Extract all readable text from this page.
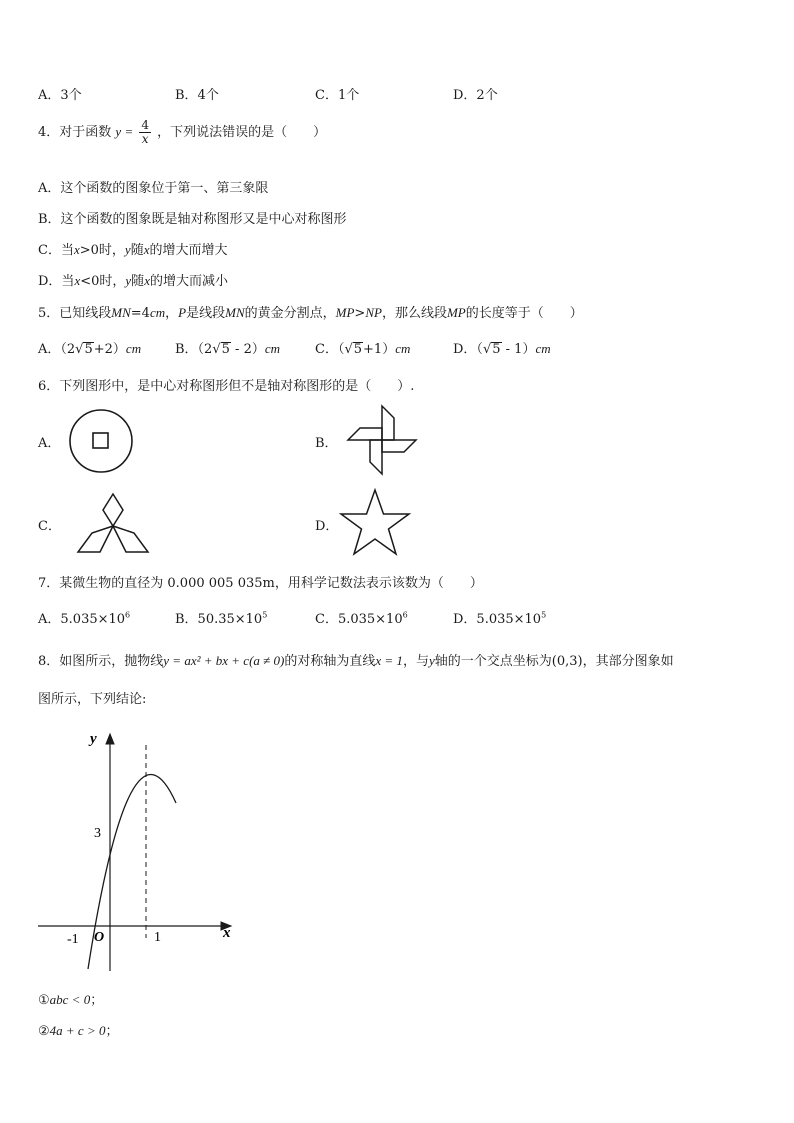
A．3个	B．4个	C．1个	D．2个
4．对于函数 $y = \frac{4}{x}$ ，下列说法错误的是（　　）
A．这个函数的图象位于第一、第三象限
B．这个函数的图象既是轴对称图形又是中心对称图形
C．当x>0时，y随x的增大而增大
D．当x<0时，y随x的增大而减小
5．已知线段MN=4cm，P是线段MN的黄金分割点，MP>NP，那么线段MP的长度等于（　　）
A．（2√5+2）cm	B．（2√5 - 2）cm	C．（√5+1）cm	D．（√5 - 1）cm
6．下列图形中，是中心对称图形但不是轴对称图形的是（　　）.
A．	B．
C．	D．
7．某微生物的直径为 0.000 005 035m，用科学记数法表示该数为（　　）
A．$5.035\times 10^6$	B．$50.35\times 10^5$	C．$5.035\times 10^6$	D．$5.035\times 10^5$
8．如图所示，抛物线y = ax² + bx + c(a ≠ 0)的对称轴为直线x = 1，与y轴的一个交点坐标为(0,3)，其部分图象如
图所示，下列结论:
y
x
O
-1	1
3
①abc < 0；
②4a + c > 0；
